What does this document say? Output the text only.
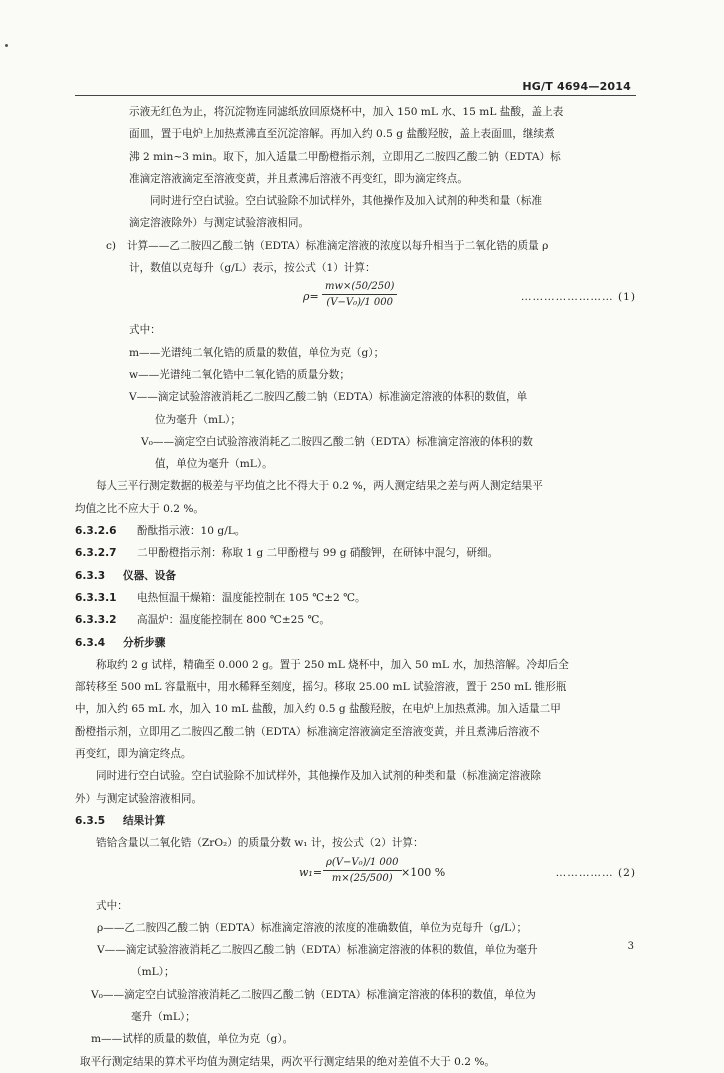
HG/T 4694—2014

示液无红色为止，将沉淀物连同滤纸放回原烧杯中，加入 150 mL 水、15 mL 盐酸，盖上表

面皿，置于电炉上加热煮沸直至沉淀溶解。再加入约 0.5 g 盐酸羟胺，盖上表面皿，继续煮

沸 2 min~3 min。取下，加入适量二甲酚橙指示剂，立即用乙二胺四乙酸二钠（EDTA）标

准滴定溶液滴定至溶液变黄，并且煮沸后溶液不再变红，即为滴定终点。

同时进行空白试验。空白试验除不加试样外，其他操作及加入试剂的种类和量（标准

滴定溶液除外）与测定试验溶液相同。

c) 计算——乙二胺四乙酸二钠（EDTA）标准滴定溶液的浓度以每升相当于二氧化锆的质量 ρ

计，数值以克每升（g/L）表示，按公式（1）计算：

$\rho= \frac{mw\times(50/250)}{\text{(V−V₀)/1 000}}$	…………………… (1)

式中：

m——光谱纯二氧化锆的质量的数值，单位为克（g）；

w——光谱纯二氧化锆中二氧化锆的质量分数；

V——滴定试验溶液消耗乙二胺四乙酸二钠（EDTA）标准滴定溶液的体积的数值，单

位为毫升（mL）；

V₀——滴定空白试验溶液消耗乙二胺四乙酸二钠（EDTA）标准滴定溶液的体积的数

值，单位为毫升（mL）。

每人三平行测定数据的极差与平均值之比不得大于 0.2 %，两人测定结果之差与两人测定结果平

均值之比不应大于 0.2 %。

6.3.2.6 酚酞指示液：10 g/L。

6.3.2.7 二甲酚橙指示剂：称取 1 g 二甲酚橙与 99 g 硝酸钾，在研钵中混匀，研细。

6.3.3 仪器、设备

6.3.3.1 电热恒温干燥箱：温度能控制在 105 ℃±2 ℃。

6.3.3.2 高温炉：温度能控制在 800 ℃±25 ℃。

6.3.4 分析步骤

称取约 2 g 试样，精确至 0.000 2 g。置于 250 mL 烧杯中，加入 50 mL 水，加热溶解。冷却后全

部转移至 500 mL 容量瓶中，用水稀释至刻度，摇匀。移取 25.00 mL 试验溶液，置于 250 mL 锥形瓶

中，加入约 65 mL 水，加入 10 mL 盐酸，加入约 0.5 g 盐酸羟胺，在电炉上加热煮沸。加入适量二甲

酚橙指示剂，立即用乙二胺四乙酸二钠（EDTA）标准滴定溶液滴定至溶液变黄，并且煮沸后溶液不

再变红，即为滴定终点。

同时进行空白试验。空白试验除不加试样外，其他操作及加入试剂的种类和量（标准滴定溶液除

外）与测定试验溶液相同。

6.3.5 结果计算

锆铪含量以二氧化锆（ZrO₂）的质量分数 w₁ 计，按公式（2）计算：

$w_1= \frac{\text{ρ(V−V₀)/1 000}}{m\times(25/500)} \times 100$ %	…………… (2)

式中：

ρ——乙二胺四乙酸二钠（EDTA）标准滴定溶液的浓度的准确数值，单位为克每升（g/L）；

V——滴定试验溶液消耗乙二胺四乙酸二钠（EDTA）标准滴定溶液的体积的数值，单位为毫升

（mL）；

V₀——滴定空白试验溶液消耗乙二胺四乙酸二钠（EDTA）标准滴定溶液的体积的数值，单位为

毫升（mL）；

m——试样的质量的数值，单位为克（g）。

取平行测定结果的算术平均值为测定结果，两次平行测定结果的绝对差值不大于 0.2 %。

3
